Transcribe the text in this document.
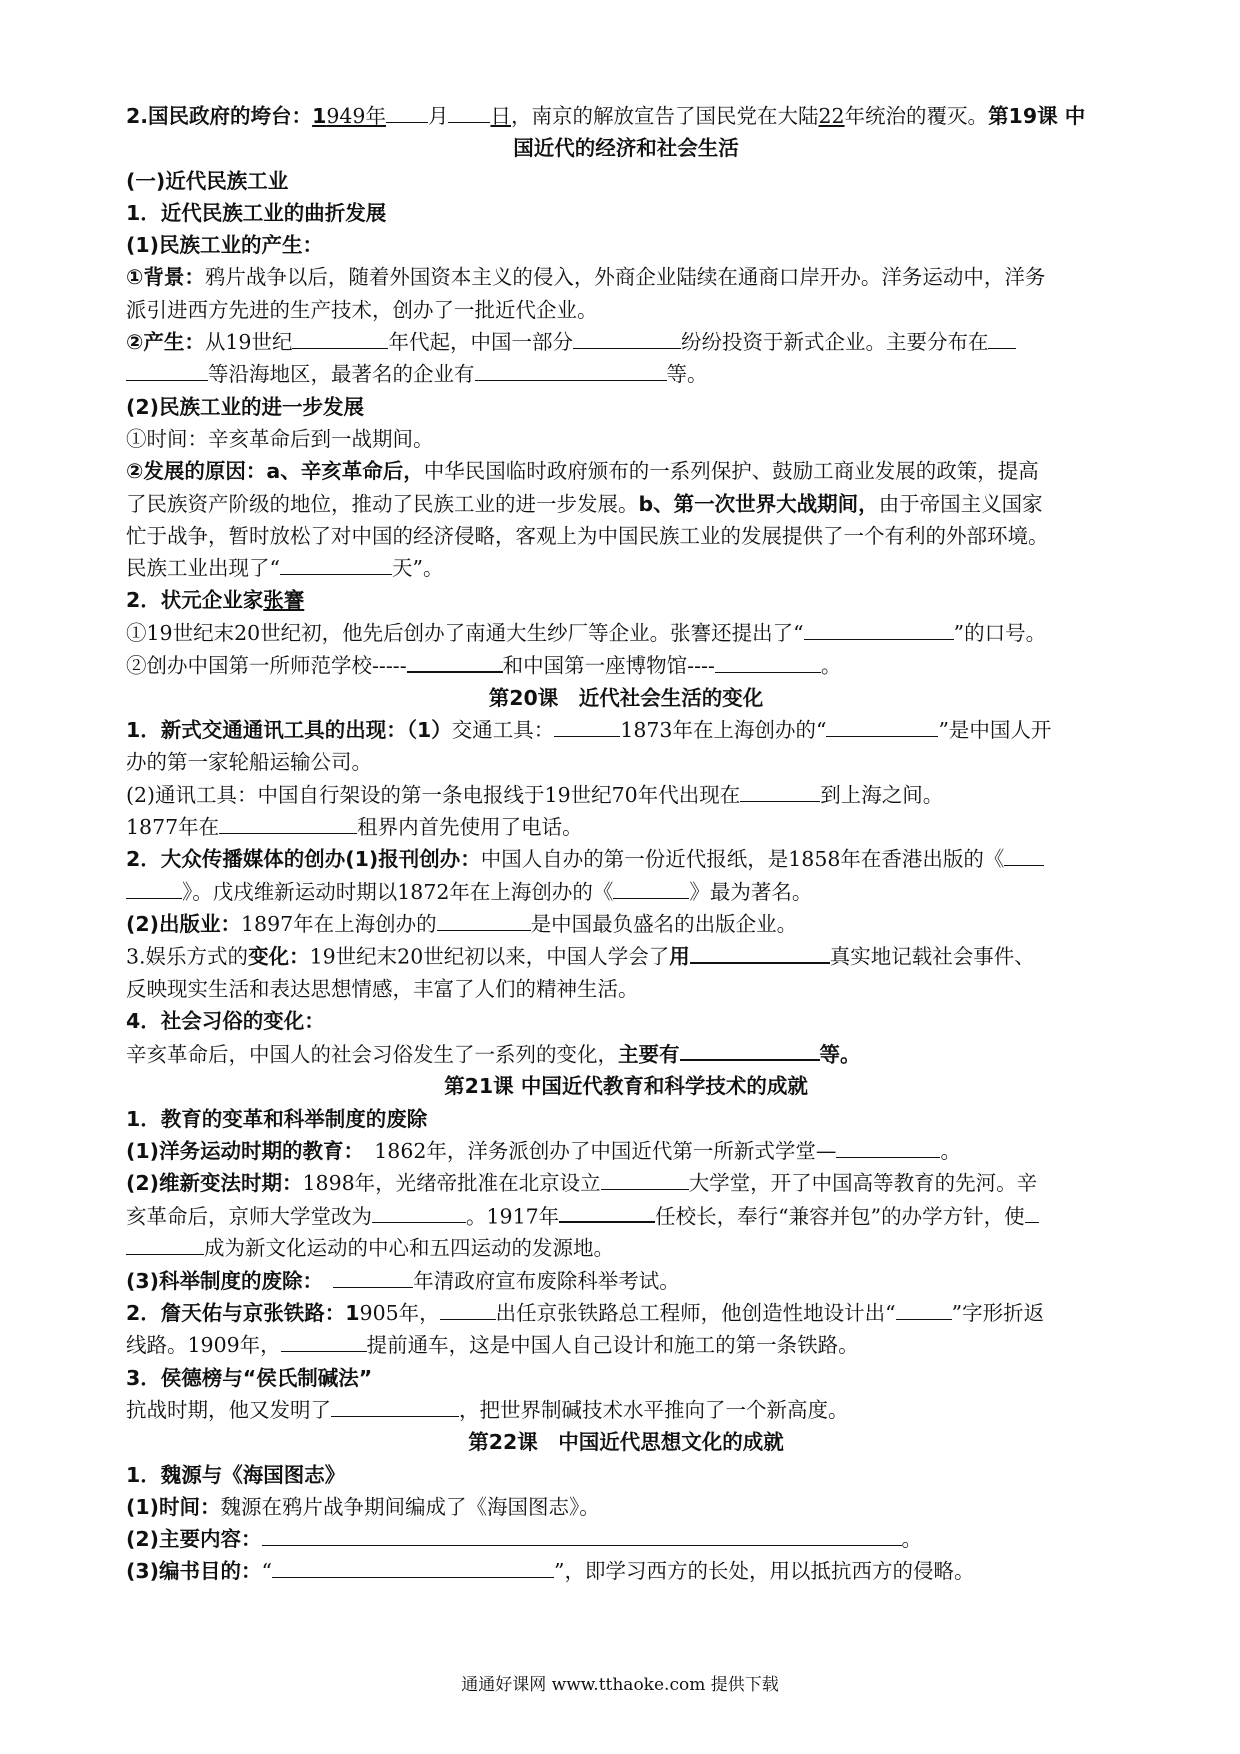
2.国民政府的垮台：1949年 月 日，南京的解放宣告了国民党在大陆22年统治的覆灭。第19课 中
国近代的经济和社会生活
(一)近代民族工业
1．近代民族工业的曲折发展
(1)民族工业的产生：
①背景：鸦片战争以后，随着外国资本主义的侵入，外商企业陆续在通商口岸开办。洋务运动中，洋务
派引进西方先进的生产技术，创办了一批近代企业。
②产生：从19世纪	年代起，中国一部分	纷纷投资于新式企业。主要分布在
等沿海地区，最著名的企业有	等。
(2)民族工业的进一步发展
①时间：辛亥革命后到一战期间。
②发展的原因：a、辛亥革命后，中华民国临时政府颁布的一系列保护、鼓励工商业发展的政策，提高
了民族资产阶级的地位，推动了民族工业的进一步发展。b、第一次世界大战期间，由于帝国主义国家
忙于战争，暂时放松了对中国的经济侵略，客观上为中国民族工业的发展提供了一个有利的外部环境。
民族工业出现了“	天”。
2．状元企业家张謇
①19世纪末20世纪初，他先后创办了南通大生纱厂等企业。张謇还提出了“	”的口号。
②创办中国第一所师范学校-----	和中国第一座博物馆----	。
第20课　近代社会生活的变化
1．新式交通通讯工具的出现：（1）交通工具：	1873年在上海创办的“	”是中国人开
办的第一家轮船运输公司。
(2)通讯工具：中国自行架设的第一条电报线于19世纪70年代出现在	到上海之间。
1877年在	租界内首先使用了电话。
2．大众传播媒体的创办(1)报刊创办：中国人自办的第一份近代报纸，是1858年在香港出版的《
》。戊戌维新运动时期以1872年在上海创办的《	》最为著名。
(2)出版业：1897年在上海创办的	是中国最负盛名的出版企业。
3.娱乐方式的变化：19世纪末20世纪初以来，中国人学会了用	真实地记载社会事件、
反映现实生活和表达思想情感，丰富了人们的精神生活。
4．社会习俗的变化：
辛亥革命后，中国人的社会习俗发生了一系列的变化，主要有	等。
第21课 中国近代教育和科学技术的成就
1．教育的变革和科举制度的废除
(1)洋务运动时期的教育：　1862年，洋务派创办了中国近代第一所新式学堂—	。
(2)维新变法时期：1898年，光绪帝批准在北京设立	大学堂，开了中国高等教育的先河。辛
亥革命后，京师大学堂改为	。1917年	任校长，奉行“兼容并包”的办学方针，使
成为新文化运动的中心和五四运动的发源地。
(3)科举制度的废除：　	年清政府宣布废除科举考试。
2．詹天佑与京张铁路：1905年，	出任京张铁路总工程师，他创造性地设计出“	”字形折返
线路。1909年，	提前通车，这是中国人自己设计和施工的第一条铁路。
3．侯德榜与“侯氏制碱法”
抗战时期，他又发明了	，把世界制碱技术水平推向了一个新高度。
第22课　中国近代思想文化的成就
1．魏源与《海国图志》
(1)时间：魏源在鸦片战争期间编成了《海国图志》。
(2)主要内容：	。
(3)编书目的：“	”，即学习西方的长处，用以抵抗西方的侵略。
通通好课网 www.tthaoke.com 提供下载
